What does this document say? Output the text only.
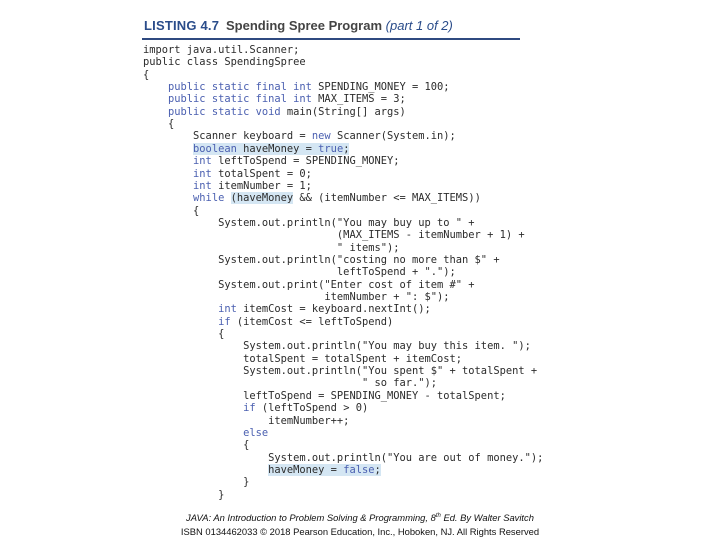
LISTING 4.7 Spending Spree Program (part 1 of 2)
import java.util.Scanner;
public class SpendingSpree
{
public static final int SPENDING_MONEY = 100;
public static final int MAX_ITEMS = 3;
public static void main(String[] args)
{
Scanner keyboard = new Scanner(System.in);
boolean haveMoney = true;
int leftToSpend = SPENDING_MONEY;
int totalSpent = 0;
int itemNumber = 1;
while (haveMoney && (itemNumber <= MAX_ITEMS))
{
System.out.println("You may buy up to " +
(MAX_ITEMS - itemNumber + 1) +
" items");
System.out.println("costing no more than $" +
leftToSpend + ".");
System.out.print("Enter cost of item #" +
itemNumber + ": $");
int itemCost = keyboard.nextInt();
if (itemCost <= leftToSpend)
{
System.out.println("You may buy this item. ");
totalSpent = totalSpent + itemCost;
System.out.println("You spent $" + totalSpent +
" so far.");
leftToSpend = SPENDING_MONEY - totalSpent;
if (leftToSpend > 0)
itemNumber++;
else
{
System.out.println("You are out of money.");
haveMoney = false;
}
}
JAVA: An Introduction to Problem Solving & Programming, 8th Ed. By Walter Savitch
ISBN 0134462033 © 2018 Pearson Education, Inc., Hoboken, NJ. All Rights Reserved
